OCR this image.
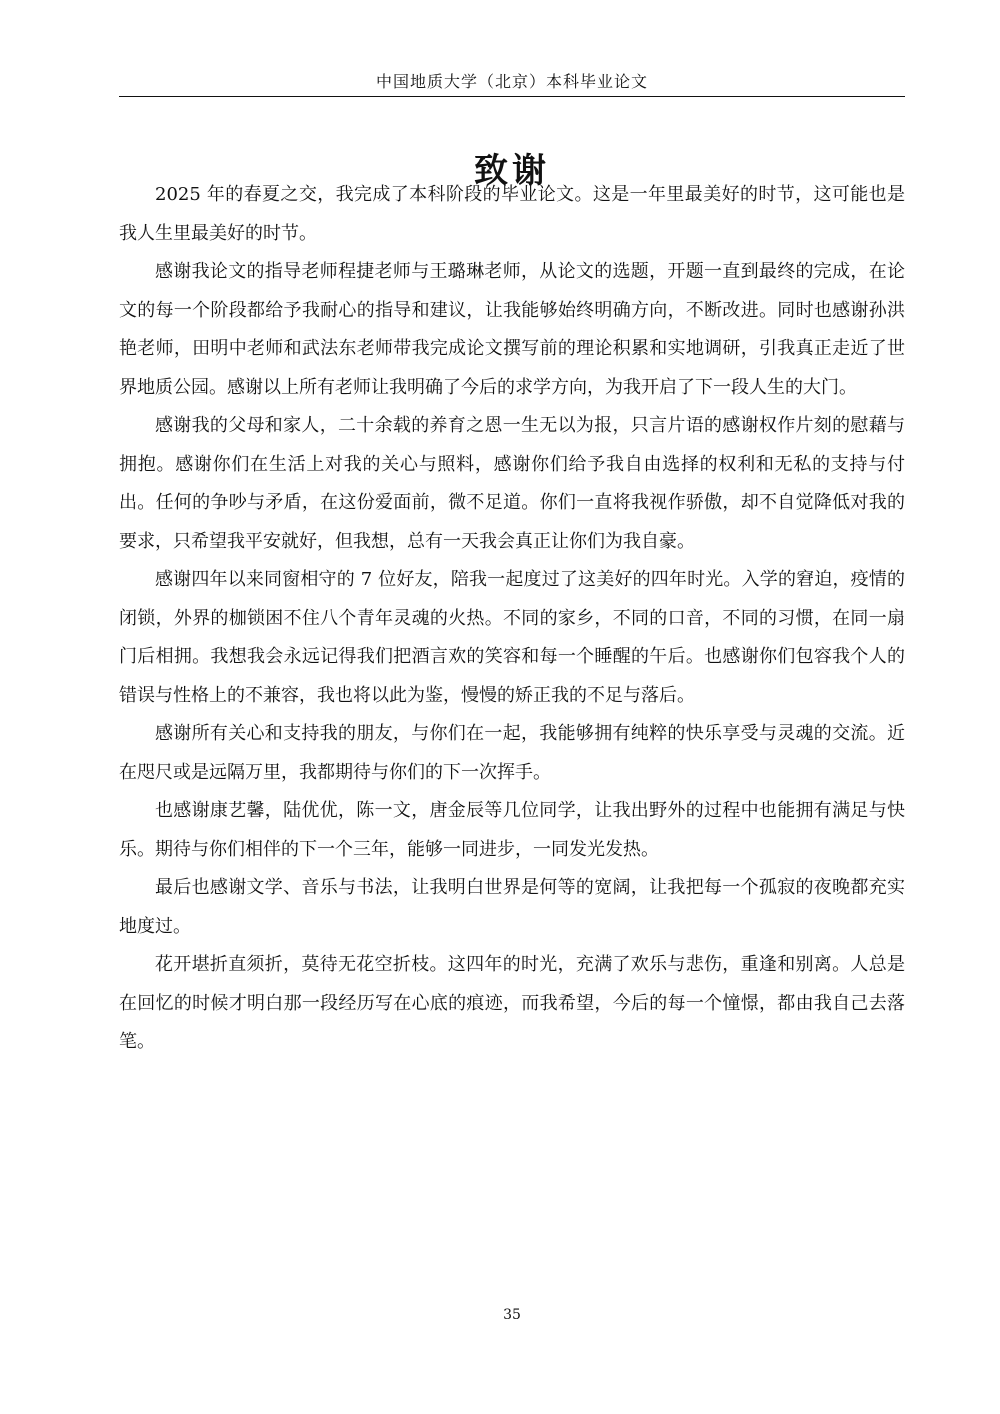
中国地质大学（北京）本科毕业论文
致谢

2025 年的春夏之交，我完成了本科阶段的毕业论文。这是一年里最美好的时节，这可能也是我人生里最美好的时节。

感谢我论文的指导老师程捷老师与王璐琳老师，从论文的选题，开题一直到最终的完成，在论文的每一个阶段都给予我耐心的指导和建议，让我能够始终明确方向，不断改进。同时也感谢孙洪艳老师，田明中老师和武法东老师带我完成论文撰写前的理论积累和实地调研，引我真正走近了世界地质公园。感谢以上所有老师让我明确了今后的求学方向，为我开启了下一段人生的大门。

感谢我的父母和家人，二十余载的养育之恩一生无以为报，只言片语的感谢权作片刻的慰藉与拥抱。感谢你们在生活上对我的关心与照料，感谢你们给予我自由选择的权利和无私的支持与付出。任何的争吵与矛盾，在这份爱面前，微不足道。你们一直将我视作骄傲，却不自觉降低对我的要求，只希望我平安就好，但我想，总有一天我会真正让你们为我自豪。

感谢四年以来同窗相守的 7 位好友，陪我一起度过了这美好的四年时光。入学的窘迫，疫情的闭锁，外界的枷锁困不住八个青年灵魂的火热。不同的家乡，不同的口音，不同的习惯，在同一扇门后相拥。我想我会永远记得我们把酒言欢的笑容和每一个睡醒的午后。也感谢你们包容我个人的错误与性格上的不兼容，我也将以此为鉴，慢慢的矫正我的不足与落后。

感谢所有关心和支持我的朋友，与你们在一起，我能够拥有纯粹的快乐享受与灵魂的交流。近在咫尺或是远隔万里，我都期待与你们的下一次挥手。

也感谢康艺馨，陆优优，陈一文，唐金辰等几位同学，让我出野外的过程中也能拥有满足与快乐。期待与你们相伴的下一个三年，能够一同进步，一同发光发热。

最后也感谢文学、音乐与书法，让我明白世界是何等的宽阔，让我把每一个孤寂的夜晚都充实地度过。

花开堪折直须折，莫待无花空折枝。这四年的时光，充满了欢乐与悲伤，重逢和别离。人总是在回忆的时候才明白那一段经历写在心底的痕迹，而我希望，今后的每一个憧憬，都由我自己去落笔。

35
